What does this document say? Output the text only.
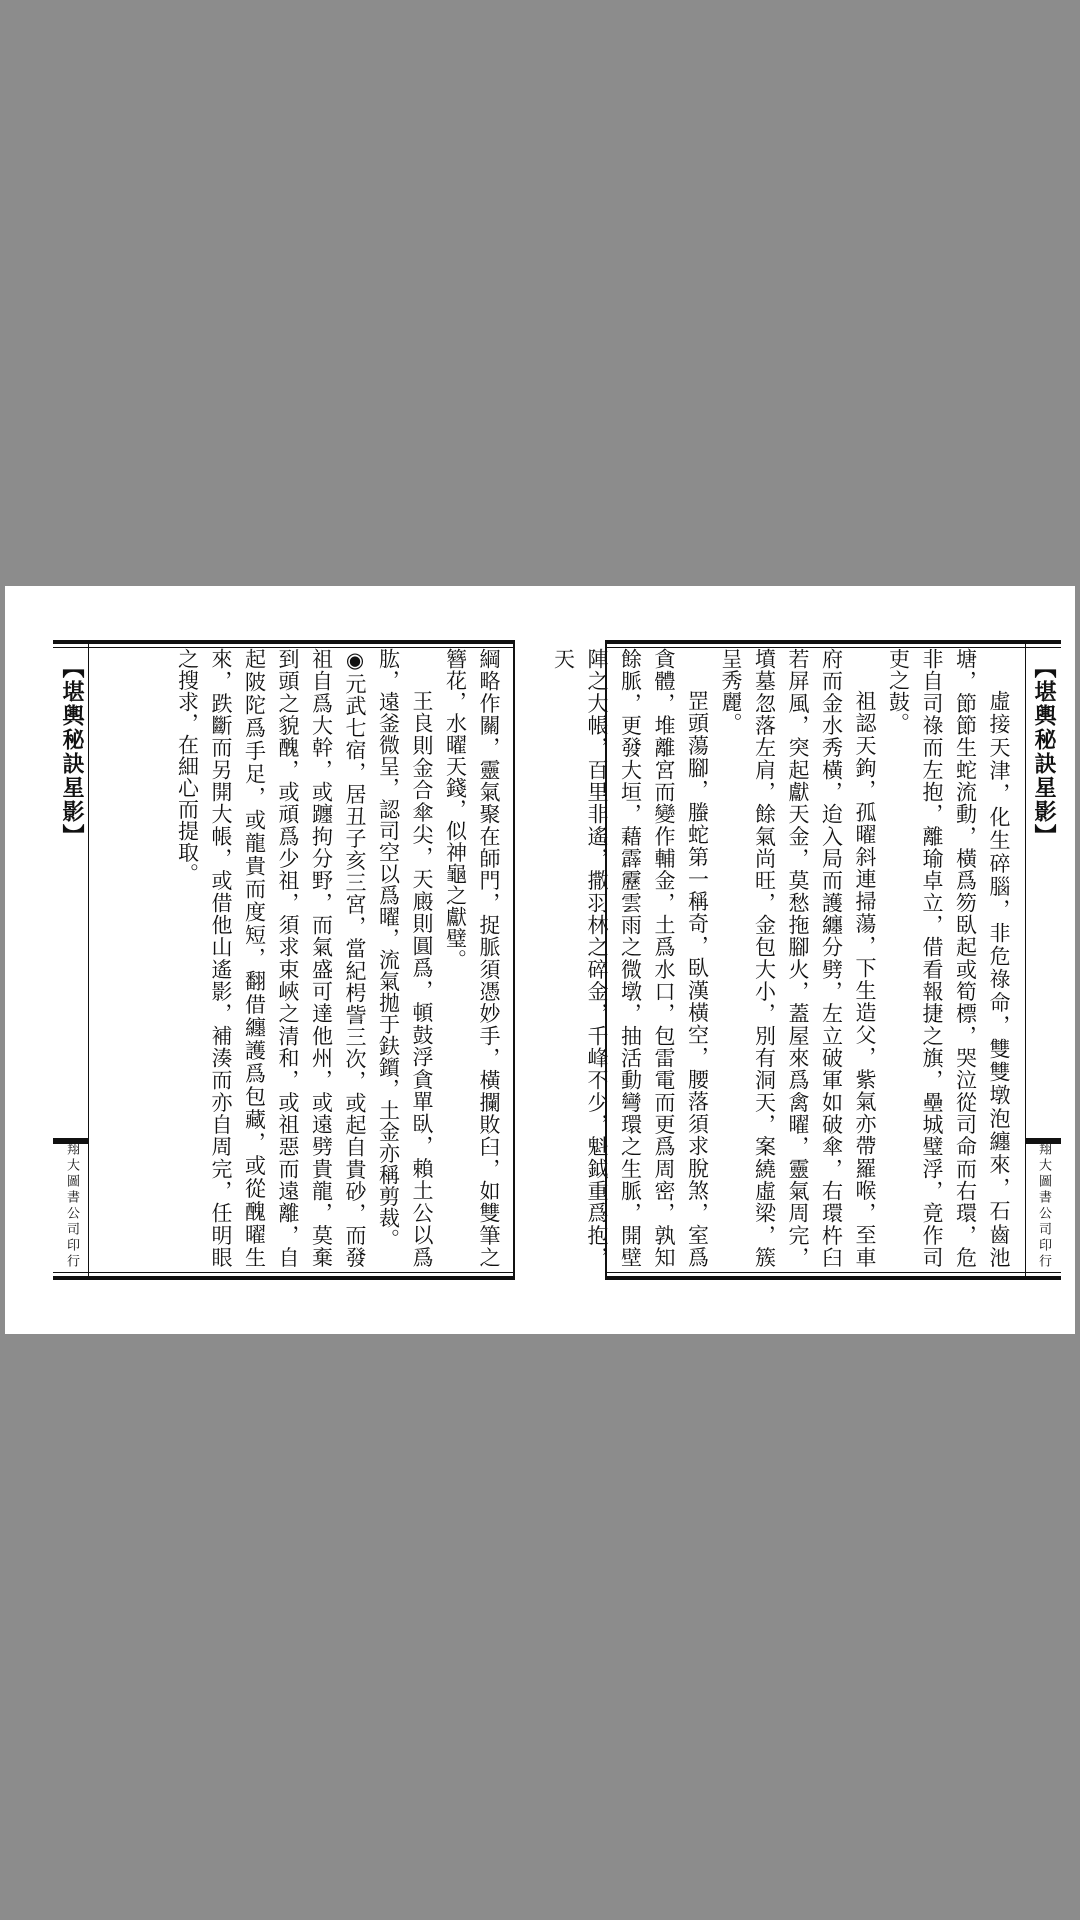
【堪輿秘訣星影】
翔大圖書公司印行	綱略作關，靈氣聚在師門，捉脈須憑妙手，橫攔敗臼，如雙筆之簪花，水曜天錢，似神龜之獻璧。

王良則金合傘尖，天廄則圓爲，頓鼓浮貪單臥，賴土公以爲肱，遠釜微呈，認司空以爲曜，流氣拋于鈇鑕，土金亦稱剪裁。

◉元武七宿，居丑子亥三宮，當紀枵訾三次，或起自貴砂，而發祖自爲大幹，或躔拘分野，而氣盛可達他州，或遠劈貴龍，莫棄到頭之貌醜，或頑爲少祖，須求束峽之清和，或祖惡而遠離，自起陂陀爲手足，或龍貴而度短，翻借纏護爲包藏，或從醜曜生來，跌斷而另開大帳，或借他山遙影，補湊而亦自周完，任明眼之搜求，在細心而提取。	【堪輿秘訣星影】
翔大圖書公司印行

虛接天津，化生碎腦，非危祿命，雙雙墩泡纏來，石齒池塘，節節生蛇流動，橫爲笏臥起或筍標，哭泣從司命而右環，危非自司祿而左抱，離瑜卓立，借看報捷之旗，壘城璧浮，竟作司吏之鼓。

祖認天鉤，孤曜斜連掃蕩，下生造父，紫氣亦帶羅喉，至車府而金水秀橫，迨入局而護纏分劈，左立破軍如破傘，右環杵臼若屏風，突起獻天金，莫愁拖腳火，蓋屋來爲禽曜，靈氣周完，墳墓忽落左肩，餘氣尚旺，金包大小，別有洞天，案繞虛梁，簇呈秀麗。

罡頭蕩腳，螣蛇第一稱奇，臥漢橫空，腰落須求脫煞，室爲貪體，堆離宮而變作輔金，土爲水口，包雷電而更爲周密，孰知餘脈，更發大垣，藉霹靂雲雨之微墩，抽活動彎環之生脈，開壁陣之大帳，百里非遙，撒羽林之碎金，千峰不少，魁鉞重爲抱，天
